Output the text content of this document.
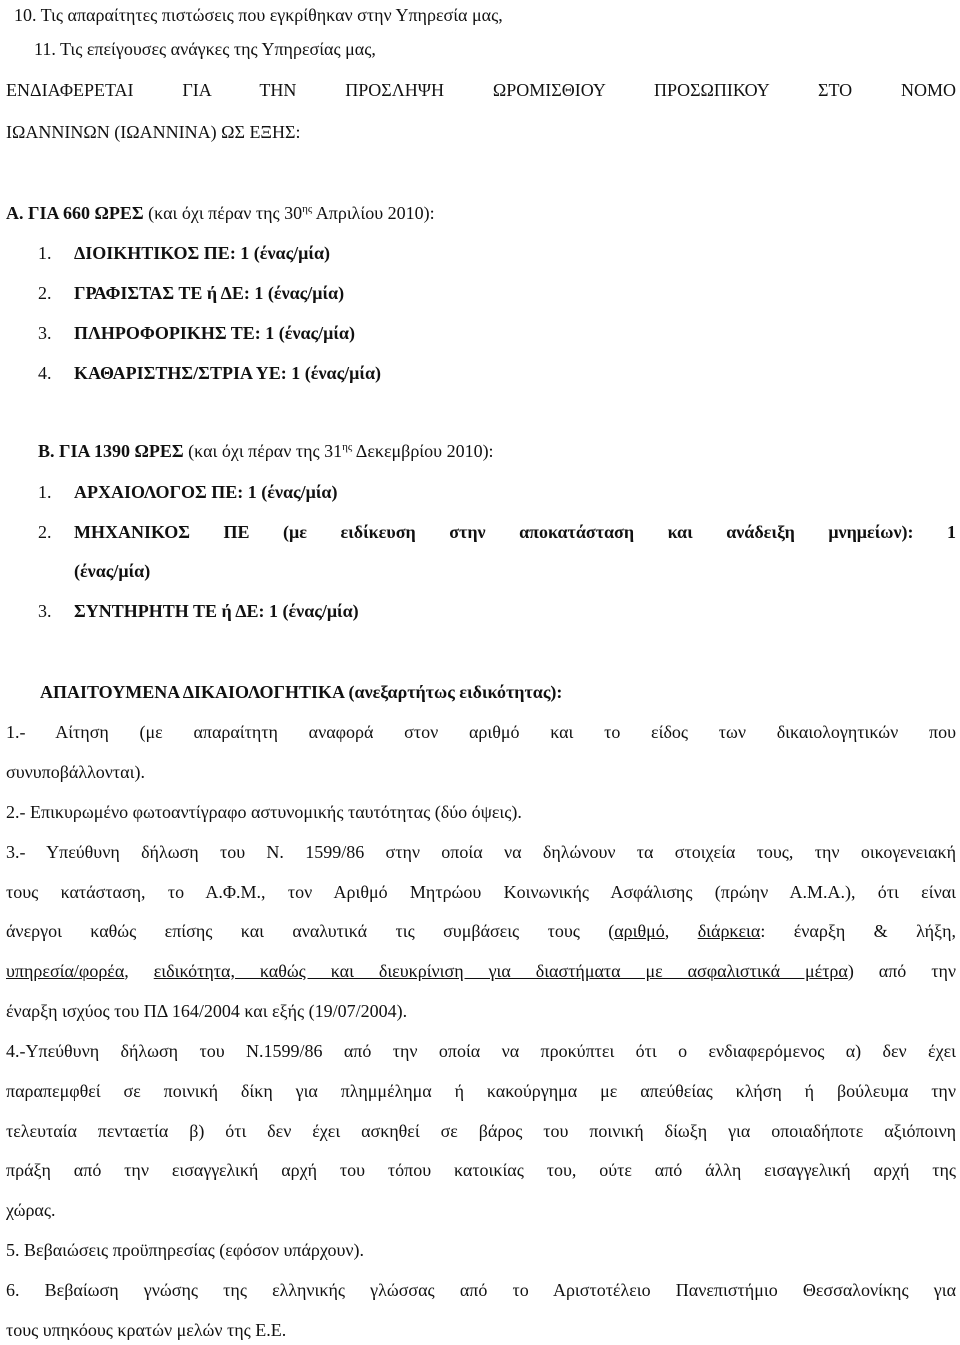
10. Τις απαραίτητες πιστώσεις που εγκρίθηκαν στην Υπηρεσία μας,
11. Τις επείγουσες ανάγκες της Υπηρεσίας μας,
ΕΝΔΙΑΦΕΡΕΤΑΙ ΓΙΑ ΤΗΝ ΠΡΟΣΛΗΨΗ ΩΡΟΜΙΣΘΙΟΥ ΠΡΟΣΩΠΙΚΟΥ ΣΤΟ ΝΟΜΟ
ΙΩΑΝΝΙΝΩΝ (ΙΩΑΝΝΙΝΑ) ΩΣ ΕΞΗΣ:
Α. ΓΙΑ 660 ΩΡΕΣ (και όχι πέραν της $30^{\eta\varsigma}$ Απριλίου 2010):
1. ΔΙΟΙΚΗΤΙΚΟΣ ΠΕ: 1 (ένας/μία)
2. ΓΡΑΦΙΣΤΑΣ ΤΕ ή ΔΕ: 1 (ένας/μία)
3. ΠΛΗΡΟΦΟΡΙΚΗΣ ΤΕ: 1 (ένας/μία)
4. ΚΑΘΑΡΙΣΤΗΣ/ΣΤΡΙΑ ΥΕ: 1 (ένας/μία)
Β. ΓΙΑ 1390 ΩΡΕΣ (και όχι πέραν της $31^{\eta\varsigma}$ Δεκεμβρίου 2010):
1. ΑΡΧΑΙΟΛΟΓΟΣ ΠΕ: 1 (ένας/μία)
2. ΜΗΧΑΝΙΚΟΣ ΠΕ (με ειδίκευση στην αποκατάσταση και ανάδειξη μνημείων): 1
(ένας/μία)
3. ΣΥΝΤΗΡΗΤΗ ΤΕ ή ΔΕ: 1 (ένας/μία)
ΑΠΑΙΤΟΥΜΕΝΑ ΔΙΚΑΙΟΛΟΓΗΤΙΚΑ (ανεξαρτήτως ειδικότητας):
1.- Αίτηση (με απαραίτητη αναφορά στον αριθμό και το είδος των δικαιολογητικών που
συνυποβάλλονται).
2.- Επικυρωμένο φωτοαντίγραφο αστυνομικής ταυτότητας (δύο όψεις).
3.- Υπεύθυνη δήλωση του Ν. 1599/86 στην οποία να δηλώνουν τα στοιχεία τους, την οικογενειακή
τους κατάσταση, το Α.Φ.Μ., τον Αριθμό Μητρώου Κοινωνικής Ασφάλισης (πρώην Α.Μ.Α.), ότι είναι
άνεργοι καθώς επίσης και αναλυτικά τις συμβάσεις τους (αριθμό, διάρκεια: έναρξη & λήξη,
υπηρεσία/φορέα, ειδικότητα, καθώς και διευκρίνιση για διαστήματα με ασφαλιστικά μέτρα) από την
έναρξη ισχύος του ΠΔ 164/2004 και εξής (19/07/2004).
4.-Υπεύθυνη δήλωση του Ν.1599/86 από την οποία να προκύπτει ότι ο ενδιαφερόμενος α) δεν έχει
παραπεμφθεί σε ποινική δίκη για πλημμέλημα ή κακούργημα με απεύθείας κλήση ή βούλευμα την
τελευταία πενταετία β) ότι δεν έχει ασκηθεί σε βάρος του ποινική δίωξη για οποιαδήποτε αξιόποινη
πράξη από την εισαγγελική αρχή του τόπου κατοικίας του, ούτε από άλλη εισαγγελική αρχή της
χώρας.
5. Βεβαιώσεις προϋπηρεσίας (εφόσον υπάρχουν).
6. Βεβαίωση γνώσης της ελληνικής γλώσσας από το Αριστοτέλειο Πανεπιστήμιο Θεσσαλονίκης για
τους υπηκόους κρατών μελών της Ε.Ε.
